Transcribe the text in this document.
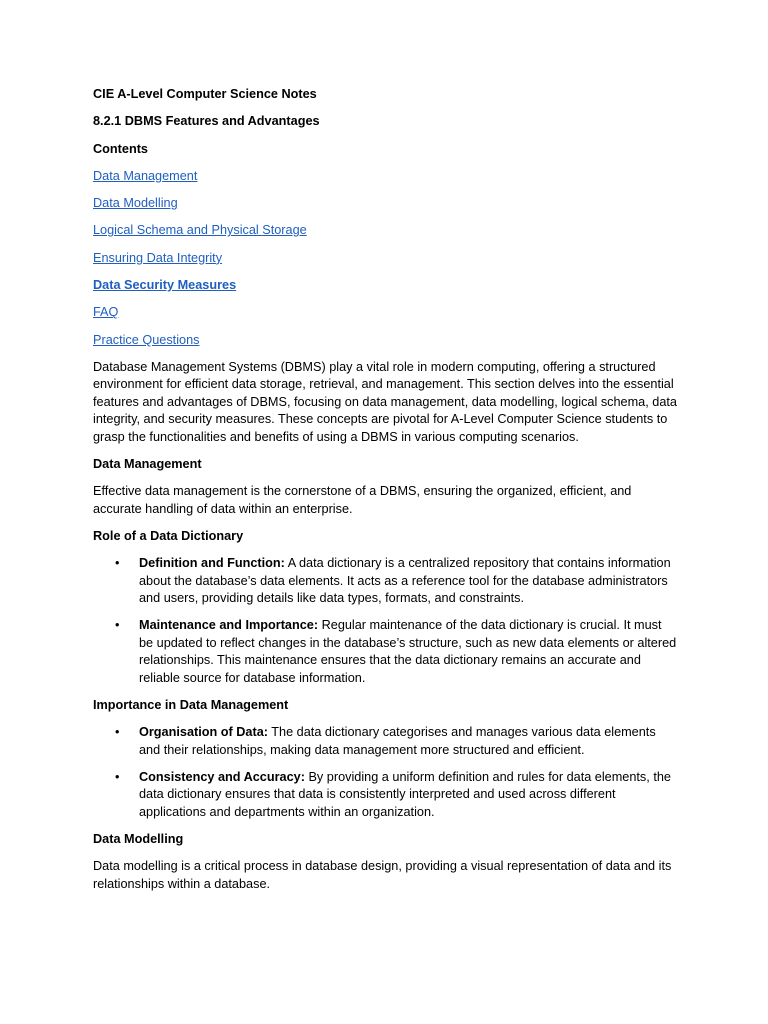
CIE A-Level Computer Science Notes

8.2.1 DBMS Features and Advantages

Contents

Data Management

Data Modelling

Logical Schema and Physical Storage

Ensuring Data Integrity

Data Security Measures

FAQ

Practice Questions

Database Management Systems (DBMS) play a vital role in modern computing, offering a structured environment for efficient data storage, retrieval, and management. This section delves into the essential features and advantages of DBMS, focusing on data management, data modelling, logical schema, data integrity, and security measures. These concepts are pivotal for A-Level Computer Science students to grasp the functionalities and benefits of using a DBMS in various computing scenarios.

Data Management

Effective data management is the cornerstone of a DBMS, ensuring the organized, efficient, and accurate handling of data within an enterprise.

Role of a Data Dictionary

• Definition and Function: A data dictionary is a centralized repository that contains information about the database’s data elements. It acts as a reference tool for the database administrators and users, providing details like data types, formats, and constraints.
• Maintenance and Importance: Regular maintenance of the data dictionary is crucial. It must be updated to reflect changes in the database’s structure, such as new data elements or altered relationships. This maintenance ensures that the data dictionary remains an accurate and reliable source for database information.

Importance in Data Management

• Organisation of Data: The data dictionary categorises and manages various data elements and their relationships, making data management more structured and efficient.
• Consistency and Accuracy: By providing a uniform definition and rules for data elements, the data dictionary ensures that data is consistently interpreted and used across different applications and departments within an organization.

Data Modelling

Data modelling is a critical process in database design, providing a visual representation of data and its relationships within a database.
